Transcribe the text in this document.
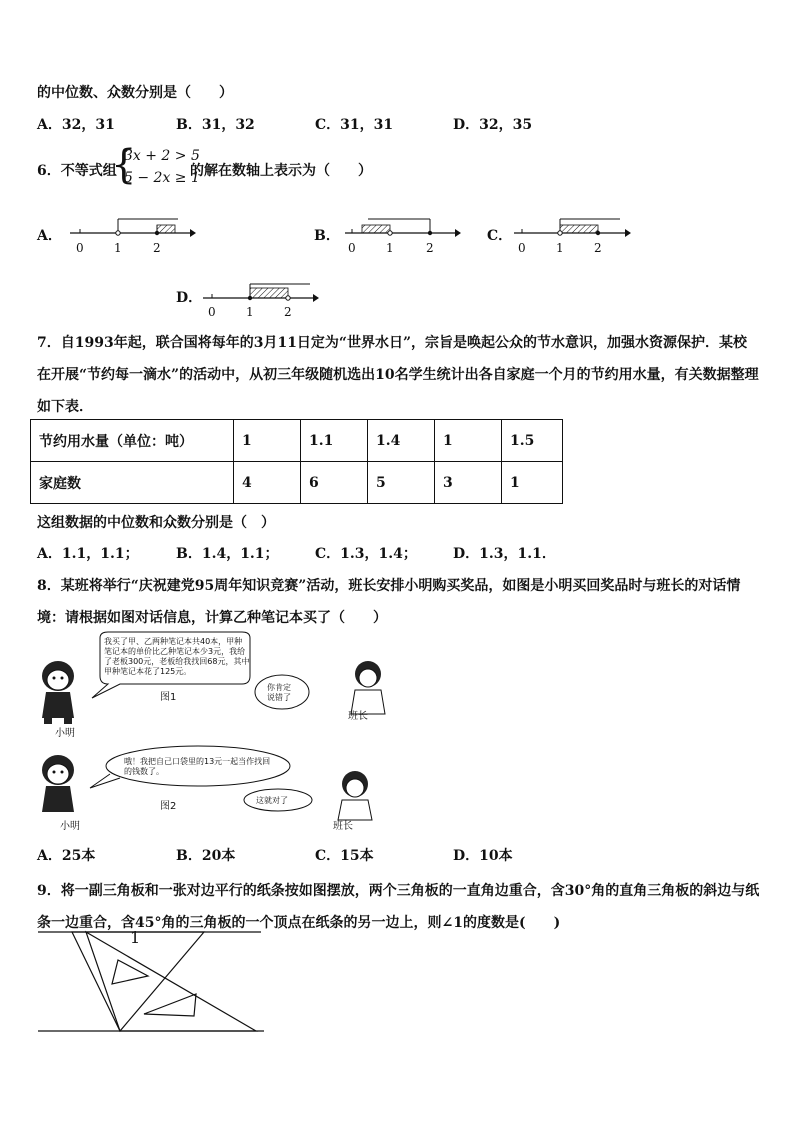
的中位数、众数分别是（　　）
A．32，31	B．31，32	C．31，31	D．32，35
6．不等式组
{
3x + 2 > 5
5 − 2x ≥ 1
的解在数轴上表示为（　　）
A．	B．	C．
D．
0	1	2	0	1	2	0	1	2
0	1	2
7．自1993年起，联合国将每年的3月11日定为“世界水日”，宗旨是唤起公众的节水意识，加强水资源保护．某校在开展“节约每一滴水”的活动中，从初三年级随机选出10名学生统计出各自家庭一个月的节约用水量，有关数据整理如下表．
节约用水量（单位：吨）	1	1.1	1.4	1	1.5
家庭数	4	6	5	3	1
这组数据的中位数和众数分别是（　）
A．1.1，1.1；	B．1.4，1.1；	C．1.3，1.4；	D．1.3，1.1．
8．某班将举行“庆祝建党95周年知识竞赛”活动，班长安排小明购买奖品，如图是小明买回奖品时与班长的对话情境：请根据如图对话信息，计算乙种笔记本买了（　　）
我买了甲、乙两种笔记本共40本，甲种笔记本的单价比乙种笔记本少3元，我给了老板300元，老板给我找回68元，其中甲种笔记本花了125元。
你肯定说错了
哦！我把自己口袋里的13元一起当作找回的钱数了。
这就对了
图1
图2
小明
班长
小明	班长
A．25本	B．20本	C．15本	D．10本
9．将一副三角板和一张对边平行的纸条按如图摆放，两个三角板的一直角边重合，含30°角的直角三角板的斜边与纸条一边重合，含45°角的三角板的一个顶点在纸条的另一边上，则∠1的度数是(　　)
1
